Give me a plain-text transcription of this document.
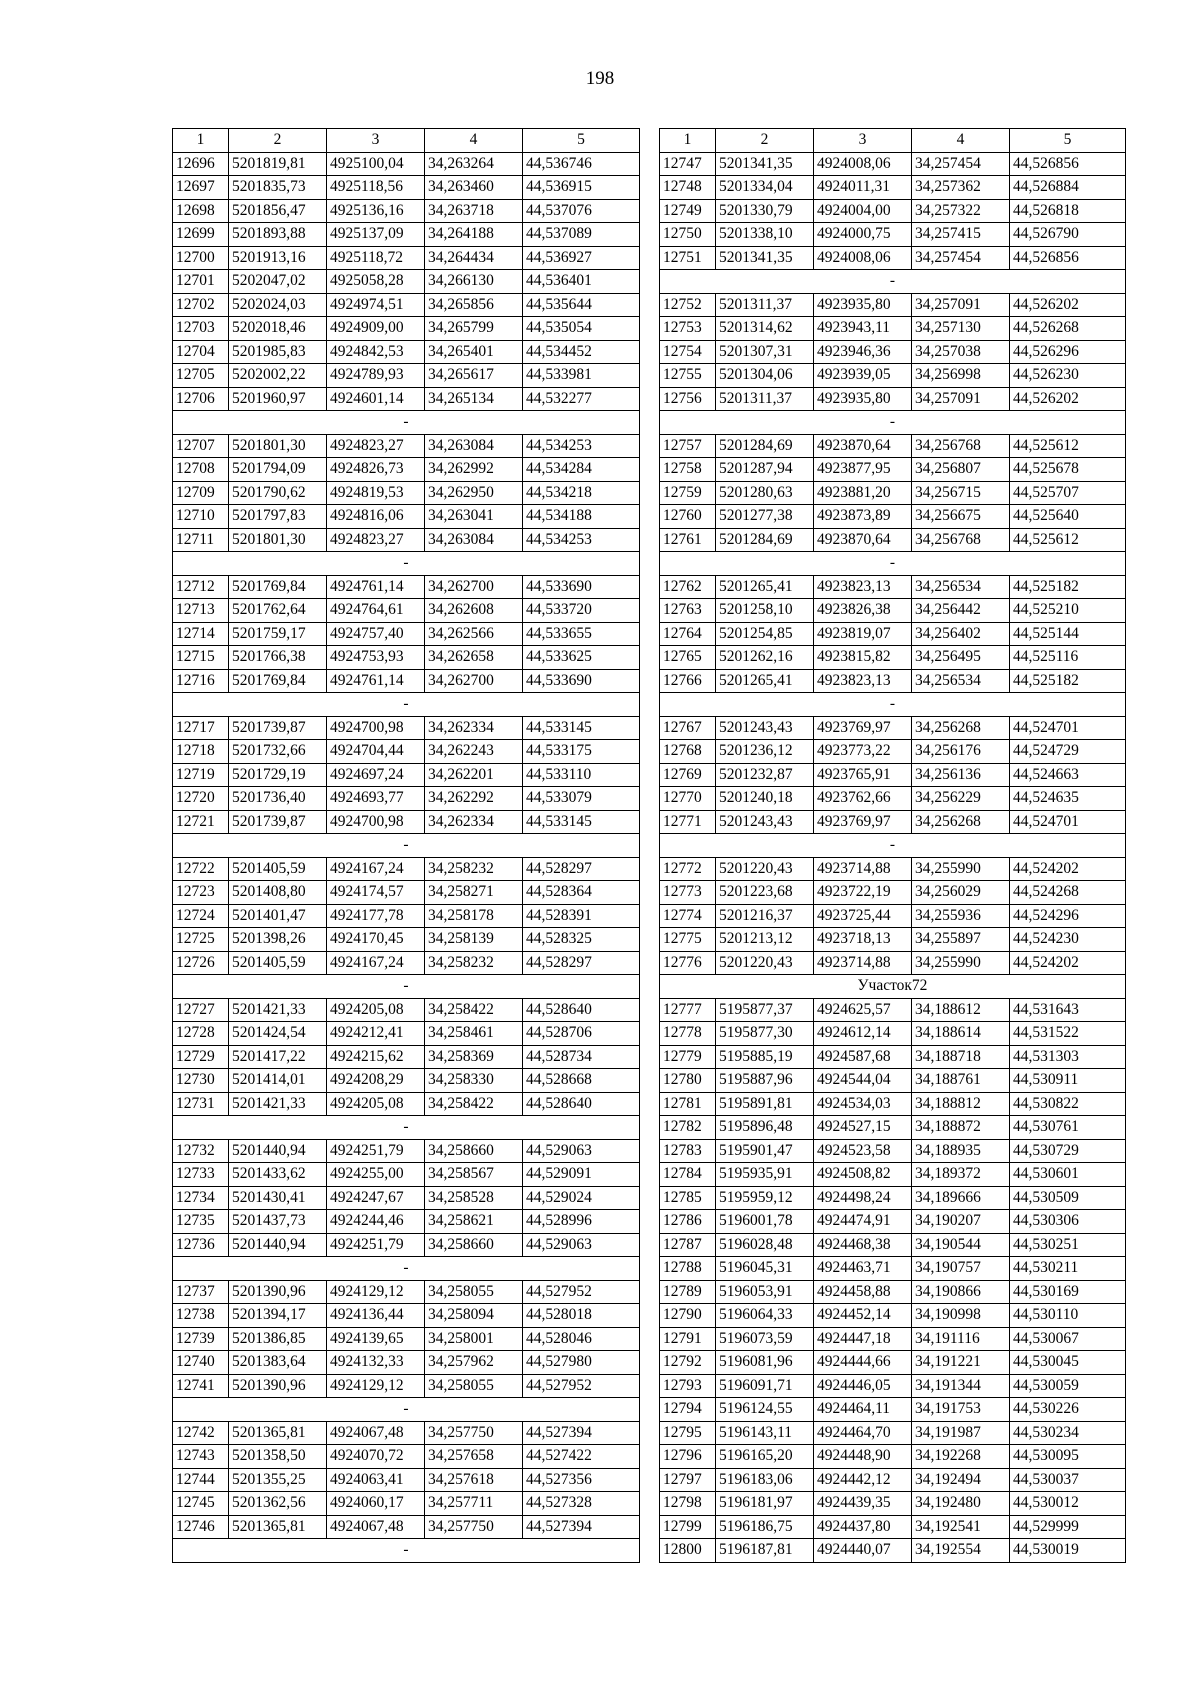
198
1	2	3	4	5
12696	5201819,81	4925100,04	34,263264	44,536746
12697	5201835,73	4925118,56	34,263460	44,536915
12698	5201856,47	4925136,16	34,263718	44,537076
12699	5201893,88	4925137,09	34,264188	44,537089
12700	5201913,16	4925118,72	34,264434	44,536927
12701	5202047,02	4925058,28	34,266130	44,536401
12702	5202024,03	4924974,51	34,265856	44,535644
12703	5202018,46	4924909,00	34,265799	44,535054
12704	5201985,83	4924842,53	34,265401	44,534452
12705	5202002,22	4924789,93	34,265617	44,533981
12706	5201960,97	4924601,14	34,265134	44,532277
-				
12707	5201801,30	4924823,27	34,263084	44,534253
12708	5201794,09	4924826,73	34,262992	44,534284
12709	5201790,62	4924819,53	34,262950	44,534218
12710	5201797,83	4924816,06	34,263041	44,534188
12711	5201801,30	4924823,27	34,263084	44,534253
-				
12712	5201769,84	4924761,14	34,262700	44,533690
12713	5201762,64	4924764,61	34,262608	44,533720
12714	5201759,17	4924757,40	34,262566	44,533655
12715	5201766,38	4924753,93	34,262658	44,533625
12716	5201769,84	4924761,14	34,262700	44,533690
-				
12717	5201739,87	4924700,98	34,262334	44,533145
12718	5201732,66	4924704,44	34,262243	44,533175
12719	5201729,19	4924697,24	34,262201	44,533110
12720	5201736,40	4924693,77	34,262292	44,533079
12721	5201739,87	4924700,98	34,262334	44,533145
-				
12722	5201405,59	4924167,24	34,258232	44,528297
12723	5201408,80	4924174,57	34,258271	44,528364
12724	5201401,47	4924177,78	34,258178	44,528391
12725	5201398,26	4924170,45	34,258139	44,528325
12726	5201405,59	4924167,24	34,258232	44,528297
-				
12727	5201421,33	4924205,08	34,258422	44,528640
12728	5201424,54	4924212,41	34,258461	44,528706
12729	5201417,22	4924215,62	34,258369	44,528734
12730	5201414,01	4924208,29	34,258330	44,528668
12731	5201421,33	4924205,08	34,258422	44,528640
-				
12732	5201440,94	4924251,79	34,258660	44,529063
12733	5201433,62	4924255,00	34,258567	44,529091
12734	5201430,41	4924247,67	34,258528	44,529024
12735	5201437,73	4924244,46	34,258621	44,528996
12736	5201440,94	4924251,79	34,258660	44,529063
-				
12737	5201390,96	4924129,12	34,258055	44,527952
12738	5201394,17	4924136,44	34,258094	44,528018
12739	5201386,85	4924139,65	34,258001	44,528046
12740	5201383,64	4924132,33	34,257962	44,527980
12741	5201390,96	4924129,12	34,258055	44,527952
-				
12742	5201365,81	4924067,48	34,257750	44,527394
12743	5201358,50	4924070,72	34,257658	44,527422
12744	5201355,25	4924063,41	34,257618	44,527356
12745	5201362,56	4924060,17	34,257711	44,527328
12746	5201365,81	4924067,48	34,257750	44,527394
-				
1	2	3	4	5
12747	5201341,35	4924008,06	34,257454	44,526856
12748	5201334,04	4924011,31	34,257362	44,526884
12749	5201330,79	4924004,00	34,257322	44,526818
12750	5201338,10	4924000,75	34,257415	44,526790
12751	5201341,35	4924008,06	34,257454	44,526856
-				
12752	5201311,37	4923935,80	34,257091	44,526202
12753	5201314,62	4923943,11	34,257130	44,526268
12754	5201307,31	4923946,36	34,257038	44,526296
12755	5201304,06	4923939,05	34,256998	44,526230
12756	5201311,37	4923935,80	34,257091	44,526202
-				
12757	5201284,69	4923870,64	34,256768	44,525612
12758	5201287,94	4923877,95	34,256807	44,525678
12759	5201280,63	4923881,20	34,256715	44,525707
12760	5201277,38	4923873,89	34,256675	44,525640
12761	5201284,69	4923870,64	34,256768	44,525612
-				
12762	5201265,41	4923823,13	34,256534	44,525182
12763	5201258,10	4923826,38	34,256442	44,525210
12764	5201254,85	4923819,07	34,256402	44,525144
12765	5201262,16	4923815,82	34,256495	44,525116
12766	5201265,41	4923823,13	34,256534	44,525182
-				
12767	5201243,43	4923769,97	34,256268	44,524701
12768	5201236,12	4923773,22	34,256176	44,524729
12769	5201232,87	4923765,91	34,256136	44,524663
12770	5201240,18	4923762,66	34,256229	44,524635
12771	5201243,43	4923769,97	34,256268	44,524701
-				
12772	5201220,43	4923714,88	34,255990	44,524202
12773	5201223,68	4923722,19	34,256029	44,524268
12774	5201216,37	4923725,44	34,255936	44,524296
12775	5201213,12	4923718,13	34,255897	44,524230
12776	5201220,43	4923714,88	34,255990	44,524202
Участок72				
12777	5195877,37	4924625,57	34,188612	44,531643
12778	5195877,30	4924612,14	34,188614	44,531522
12779	5195885,19	4924587,68	34,188718	44,531303
12780	5195887,96	4924544,04	34,188761	44,530911
12781	5195891,81	4924534,03	34,188812	44,530822
12782	5195896,48	4924527,15	34,188872	44,530761
12783	5195901,47	4924523,58	34,188935	44,530729
12784	5195935,91	4924508,82	34,189372	44,530601
12785	5195959,12	4924498,24	34,189666	44,530509
12786	5196001,78	4924474,91	34,190207	44,530306
12787	5196028,48	4924468,38	34,190544	44,530251
12788	5196045,31	4924463,71	34,190757	44,530211
12789	5196053,91	4924458,88	34,190866	44,530169
12790	5196064,33	4924452,14	34,190998	44,530110
12791	5196073,59	4924447,18	34,191116	44,530067
12792	5196081,96	4924444,66	34,191221	44,530045
12793	5196091,71	4924446,05	34,191344	44,530059
12794	5196124,55	4924464,11	34,191753	44,530226
12795	5196143,11	4924464,70	34,191987	44,530234
12796	5196165,20	4924448,90	34,192268	44,530095
12797	5196183,06	4924442,12	34,192494	44,530037
12798	5196181,97	4924439,35	34,192480	44,530012
12799	5196186,75	4924437,80	34,192541	44,529999
12800	5196187,81	4924440,07	34,192554	44,530019
